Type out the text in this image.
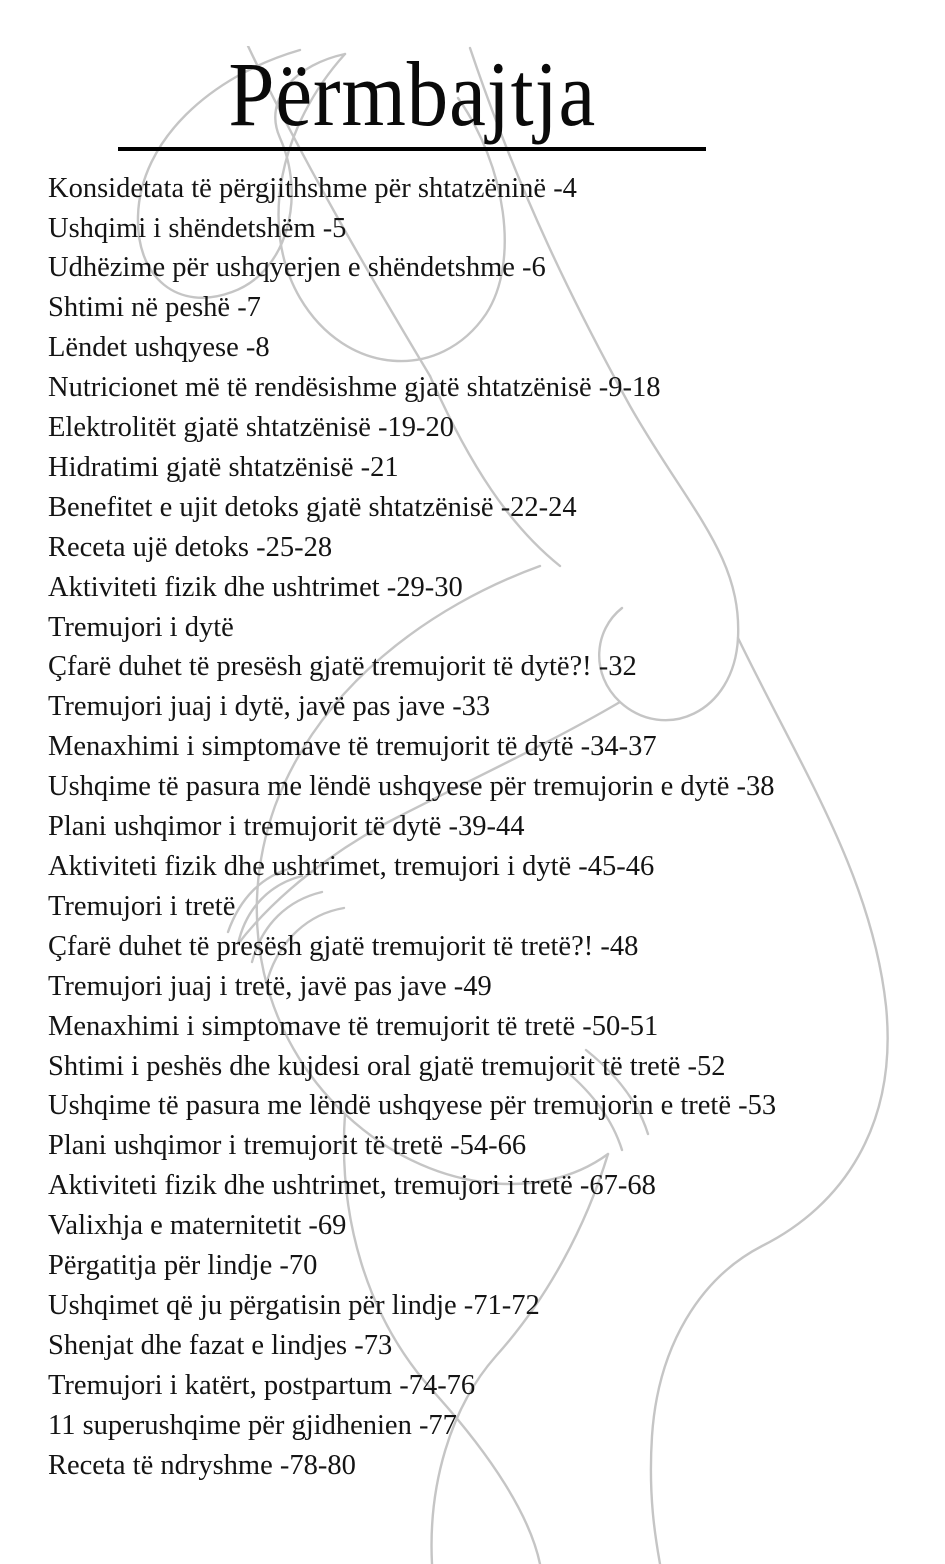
Përmbajtja
Konsidetata të përgjithshme për shtatzëninë -4
Ushqimi i shëndetshëm -5
Udhëzime për ushqyerjen e shëndetshme -6
Shtimi në peshë -7
Lëndet ushqyese -8
Nutricionet më të rendësishme gjatë shtatzënisë -9-18
Elektrolitët gjatë shtatzënisë -19-20
Hidratimi gjatë shtatzënisë -21
Benefitet e ujit detoks gjatë shtatzënisë -22-24
Receta ujë detoks -25-28
Aktiviteti fizik dhe ushtrimet -29-30
Tremujori i dytë
Çfarë duhet të presësh gjatë tremujorit të dytë?! -32
Tremujori juaj i dytë, javë pas jave -33
Menaxhimi i simptomave të tremujorit të dytë -34-37
Ushqime të pasura me lëndë ushqyese për tremujorin e dytë -38
Plani ushqimor i tremujorit të dytë -39-44
Aktiviteti fizik dhe ushtrimet, tremujori i dytë -45-46
Tremujori i tretë
Çfarë duhet të presësh gjatë tremujorit të tretë?! -48
Tremujori juaj i tretë, javë pas jave -49
Menaxhimi i simptomave të tremujorit të tretë -50-51
Shtimi i peshës dhe kujdesi oral gjatë tremujorit të tretë -52
Ushqime të pasura me lëndë ushqyese për tremujorin e tretë -53
Plani ushqimor i tremujorit të tretë -54-66
Aktiviteti fizik dhe ushtrimet, tremujori i tretë -67-68
Valixhja e maternitetit -69
Përgatitja për lindje -70
Ushqimet që ju përgatisin për lindje -71-72
Shenjat dhe fazat e lindjes -73
Tremujori i katërt, postpartum -74-76
11 superushqime për gjidhenien -77
Receta të ndryshme -78-80
